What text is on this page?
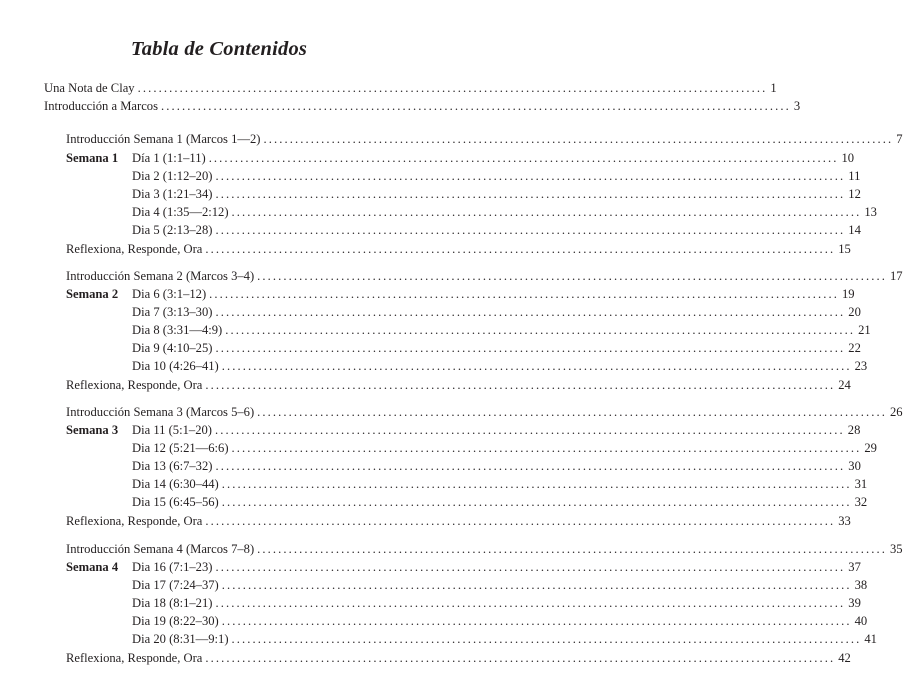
Tabla de Contenidos
Una Nota de Clay ........................................................................................................................ 1
Introducción a Marcos ........................................................................................................................ 3
Introducción Semana 1 (Marcos 1—2) ........................................................................................................................ 7
Semana 1 Día 1 (1:1–11) ........................................................................................................................ 10
Dia 2 (1:12–20) ........................................................................................................................ 11
Dia 3 (1:21–34) ........................................................................................................................ 12
Dia 4 (1:35—2:12) ........................................................................................................................ 13
Dia 5 (2:13–28) ........................................................................................................................ 14
Reflexiona, Responde, Ora ........................................................................................................................ 15
Introducción Semana 2 (Marcos 3–4) ........................................................................................................................ 17
Semana 2 Dia 6 (3:1–12) ........................................................................................................................ 19
Dia 7 (3:13–30) ........................................................................................................................ 20
Dia 8 (3:31—4:9) ........................................................................................................................ 21
Dia 9 (4:10–25) ........................................................................................................................ 22
Dia 10 (4:26–41) ........................................................................................................................ 23
Reflexiona, Responde, Ora ........................................................................................................................ 24
Introducción Semana 3 (Marcos 5–6) ........................................................................................................................ 26
Semana 3 Dia 11 (5:1–20) ........................................................................................................................ 28
Dia 12 (5:21—6:6) ........................................................................................................................ 29
Dia 13 (6:7–32) ........................................................................................................................ 30
Dia 14 (6:30–44) ........................................................................................................................ 31
Dia 15 (6:45–56) ........................................................................................................................ 32
Reflexiona, Responde, Ora ........................................................................................................................ 33
Introducción Semana 4 (Marcos 7–8) ........................................................................................................................ 35
Semana 4 Dia 16 (7:1–23) ........................................................................................................................ 37
Dia 17 (7:24–37) ........................................................................................................................ 38
Dia 18 (8:1–21) ........................................................................................................................ 39
Dia 19 (8:22–30) ........................................................................................................................ 40
Dia 20 (8:31—9:1) ........................................................................................................................ 41
Reflexiona, Responde, Ora ........................................................................................................................ 42
